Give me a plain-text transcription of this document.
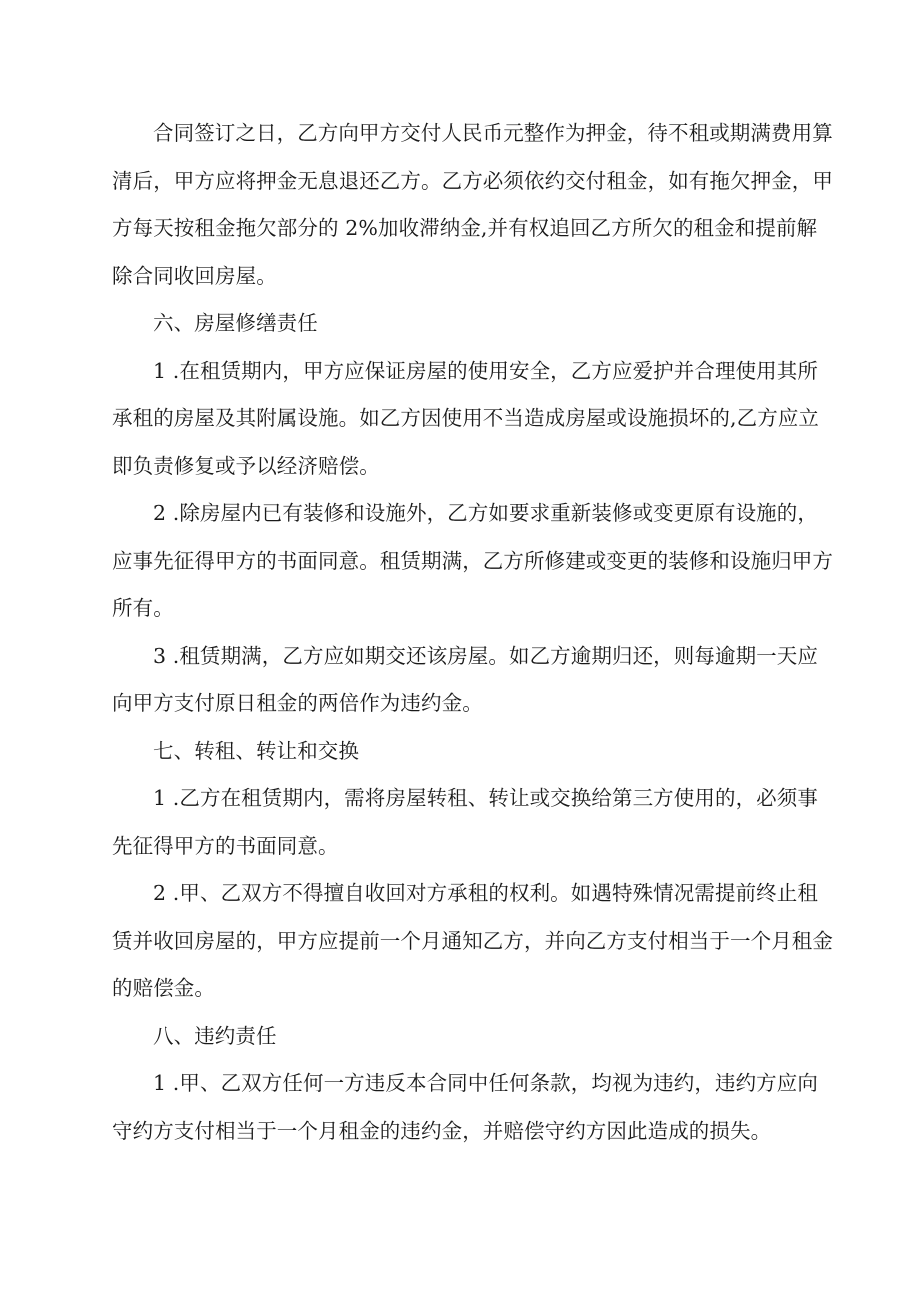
合同签订之日，乙方向甲方交付人民币元整作为押金，待不租或期满费用算
清后，甲方应将押金无息退还乙方。乙方必须依约交付租金，如有拖欠押金，甲
方每天按租金拖欠部分的 2%加收滞纳金,并有权追回乙方所欠的租金和提前解
除合同收回房屋。
六、房屋修缮责任
1 .在租赁期内，甲方应保证房屋的使用安全，乙方应爱护并合理使用其所
承租的房屋及其附属设施。如乙方因使用不当造成房屋或设施损坏的,乙方应立
即负责修复或予以经济赔偿。
2 .除房屋内已有装修和设施外，乙方如要求重新装修或变更原有设施的，
应事先征得甲方的书面同意。租赁期满，乙方所修建或变更的装修和设施归甲方
所有。
3 .租赁期满，乙方应如期交还该房屋。如乙方逾期归还，则每逾期一天应
向甲方支付原日租金的两倍作为违约金。
七、转租、转让和交换
1 .乙方在租赁期内，需将房屋转租、转让或交换给第三方使用的，必须事
先征得甲方的书面同意。
2 .甲、乙双方不得擅自收回对方承租的权利。如遇特殊情况需提前终止租
赁并收回房屋的，甲方应提前一个月通知乙方，并向乙方支付相当于一个月租金
的赔偿金。
八、违约责任
1 .甲、乙双方任何一方违反本合同中任何条款，均视为违约，违约方应向
守约方支付相当于一个月租金的违约金，并赔偿守约方因此造成的损失。
